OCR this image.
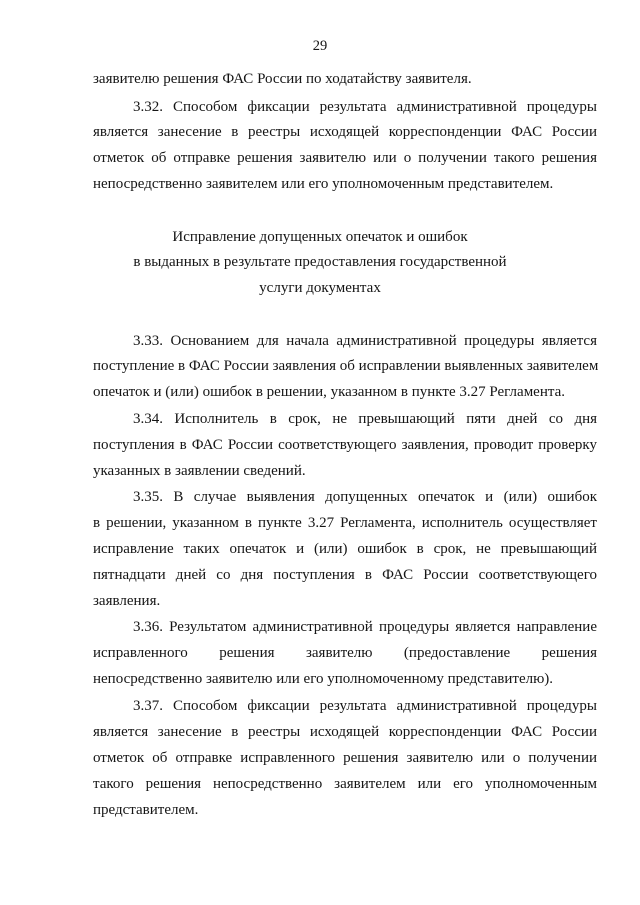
29
заявителю решения ФАС России по ходатайству заявителя.
3.32. Способом фиксации результата административной процедуры
является занесение в реестры исходящей корреспонденции ФАС России
отметок об отправке решения заявителю или о получении такого решения
непосредственно заявителем или его уполномоченным представителем.
Исправление допущенных опечаток и ошибок
в выданных в результате предоставления государственной
услуги документах
3.33. Основанием для начала административной процедуры является
поступление в ФАС России заявления об исправлении выявленных заявителем
опечаток и (или) ошибок в решении, указанном в пункте 3.27 Регламента.
3.34. Исполнитель в срок, не превышающий пяти дней со дня
поступления в ФАС России соответствующего заявления, проводит проверку
указанных в заявлении сведений.
3.35. В случае выявления допущенных опечаток и (или) ошибок
в решении, указанном в пункте 3.27 Регламента, исполнитель осуществляет
исправление таких опечаток и (или) ошибок в срок, не превышающий
пятнадцати дней со дня поступления в ФАС России соответствующего
заявления.
3.36. Результатом административной процедуры является направление
исправленного решения заявителю (предоставление решения
непосредственно заявителю или его уполномоченному представителю).
3.37. Способом фиксации результата административной процедуры
является занесение в реестры исходящей корреспонденции ФАС России
отметок об отправке исправленного решения заявителю или о получении
такого решения непосредственно заявителем или его уполномоченным
представителем.
